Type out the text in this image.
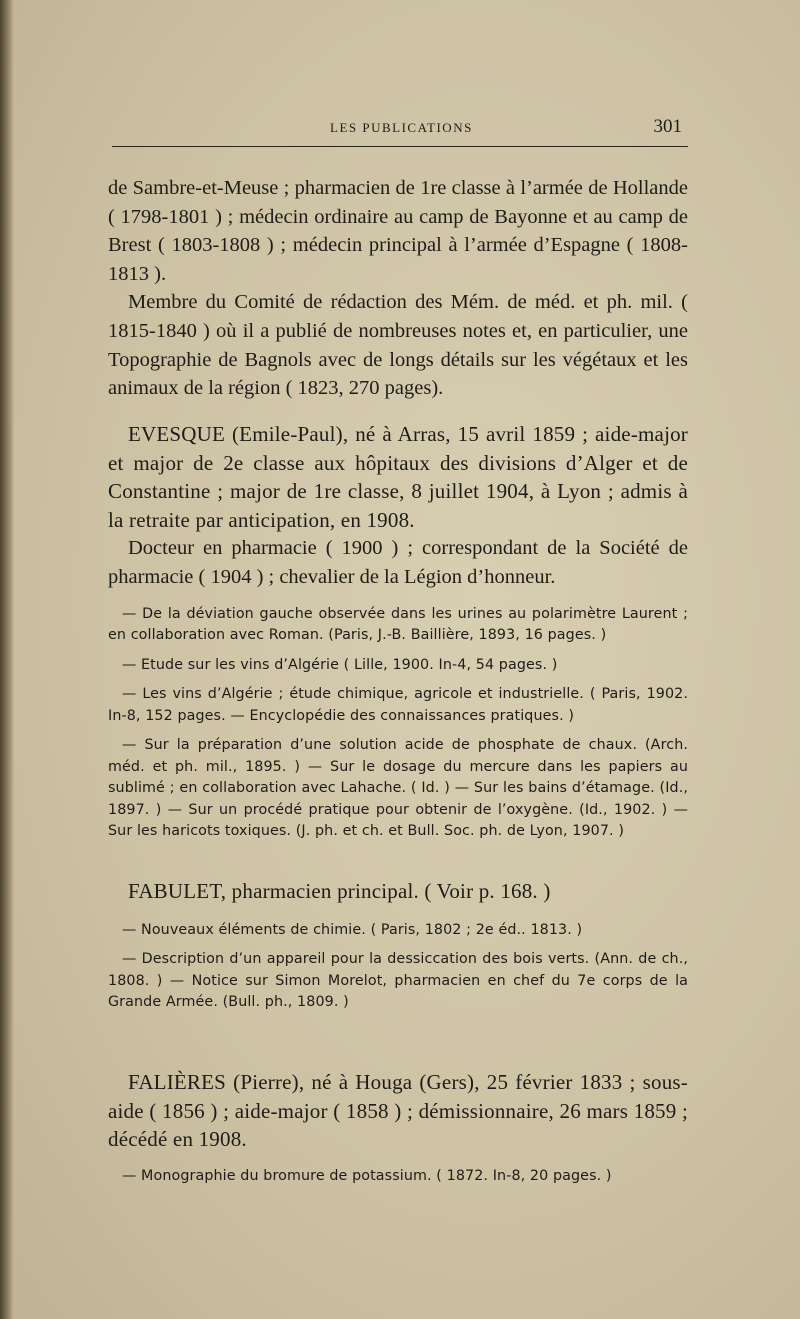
LES PUBLICATIONS	301

de Sambre-et-Meuse ; pharmacien de 1re classe à l’armée de Hollande ( 1798-1801 ) ; médecin ordinaire au camp de Bayonne et au camp de Brest ( 1803-1808 ) ; médecin principal à l’armée d’Espagne ( 1808-1813 ).

Membre du Comité de rédaction des Mém. de méd. et ph. mil. ( 1815-1840 ) où il a publié de nombreuses notes et, en particulier, une Topographie de Bagnols avec de longs détails sur les végétaux et les animaux de la région ( 1823, 270 pages).

EVESQUE (Emile-Paul), né à Arras, 15 avril 1859 ; aide-major et major de 2e classe aux hôpitaux des divisions d’Alger et de Constantine ; major de 1re classe, 8 juillet 1904, à Lyon ; admis à la retraite par anticipation, en 1908.

Docteur en pharmacie ( 1900 ) ; correspondant de la Société de pharmacie ( 1904 ) ; chevalier de la Légion d’honneur.

— De la déviation gauche observée dans les urines au polarimètre Laurent ; en collaboration avec Roman. (Paris, J.-B. Baillière, 1893, 16 pages. )

— Etude sur les vins d’Algérie ( Lille, 1900. In-4, 54 pages. )

— Les vins d’Algérie ; étude chimique, agricole et industrielle. ( Paris, 1902. In-8, 152 pages. — Encyclopédie des connaissances pratiques. )

— Sur la préparation d’une solution acide de phosphate de chaux. (Arch. méd. et ph. mil., 1895. ) — Sur le dosage du mercure dans les papiers au sublimé ; en collaboration avec Lahache. ( Id. ) — Sur les bains d’étamage. (Id., 1897. ) — Sur un procédé pratique pour obtenir de l’oxygène. (Id., 1902. ) — Sur les haricots toxiques. (J. ph. et ch. et Bull. Soc. ph. de Lyon, 1907. )

FABULET, pharmacien principal. ( Voir p. 168. )

— Nouveaux éléments de chimie. ( Paris, 1802 ; 2e éd.. 1813. )

— Description d’un appareil pour la dessiccation des bois verts. (Ann. de ch., 1808. ) — Notice sur Simon Morelot, pharmacien en chef du 7e corps de la Grande Armée. (Bull. ph., 1809. )

FALIÈRES (Pierre), né à Houga (Gers), 25 février 1833 ; sous-aide ( 1856 ) ; aide-major ( 1858 ) ; démissionnaire, 26 mars 1859 ; décédé en 1908.

— Monographie du bromure de potassium. ( 1872. In-8, 20 pages. )
